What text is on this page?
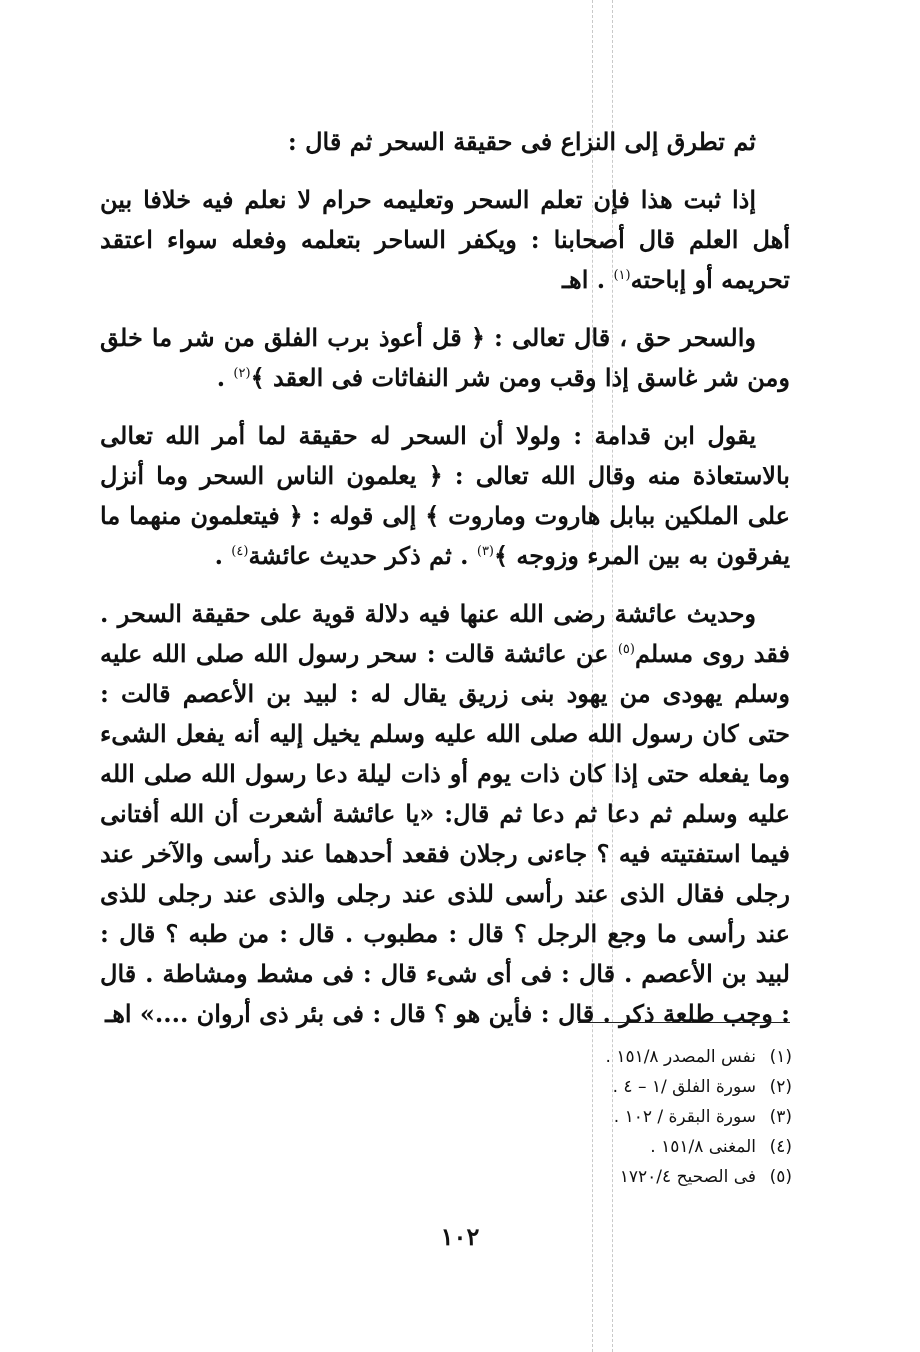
ثم تطرق إلى النزاع فى حقيقة السحر ثم قال :

إذا ثبت هذا فإن تعلم السحر وتعليمه حرام لا نعلم فيه خلافا بين أهل العلم قال أصحابنا : ويكفر الساحر بتعلمه وفعله سواء اعتقد تحريمه أو إباحته$^{(١)}$ . اهـ

والسحر حق ، قال تعالى : ﴿ قل أعوذ برب الفلق من شر ما خلق ومن شر غاسق إذا وقب ومن شر النفاثات فى العقد ﴾$^{(٢)}$ .

يقول ابن قدامة : ولولا أن السحر له حقيقة لما أمر الله تعالى بالاستعاذة منه وقال الله تعالى : ﴿ يعلمون الناس السحر وما أنزل على الملكين ببابل هاروت وماروت ﴾ إلى قوله : ﴿ فيتعلمون منهما ما يفرقون به بين المرء وزوجه ﴾$^{(٣)}$ . ثم ذكر حديث عائشة$^{(٤)}$ .

وحديث عائشة رضى الله عنها فيه دلالة قوية على حقيقة السحر . فقد روى مسلم$^{(٥)}$ عن عائشة قالت : سحر رسول الله صلى الله عليه وسلم يهودى من يهود بنى زريق يقال له : لبيد بن الأعصم قالت : حتى كان رسول الله صلى الله عليه وسلم يخيل إليه أنه يفعل الشىء وما يفعله حتى إذا كان ذات يوم أو ذات ليلة دعا رسول الله صلى الله عليه وسلم ثم دعا ثم دعا ثم قال: «يا عائشة أشعرت أن الله أفتانى فيما استفتيته فيه ؟ جاءنى رجلان فقعد أحدهما عند رأسى والآخر عند رجلى فقال الذى عند رأسى للذى عند رجلى والذى عند رجلى للذى عند رأسى ما وجع الرجل ؟ قال : مطبوب . قال : من طبه ؟ قال : لبيد بن الأعصم . قال : فى أى شىء قال : فى مشط ومشاطة . قال : وجب طلعة ذكر . قال : فأين هو ؟ قال : فى بئر ذى أروان ....» اهـ

(١)نفس المصدر ١٥١/٨ .
(٢)سورة الفلق /١ – ٤ .
(٣)سورة البقرة / ١٠٢ .
(٤)المغنى ١٥١/٨ .
(٥)فى الصحيح ١٧٢٠/٤
١٠٢
